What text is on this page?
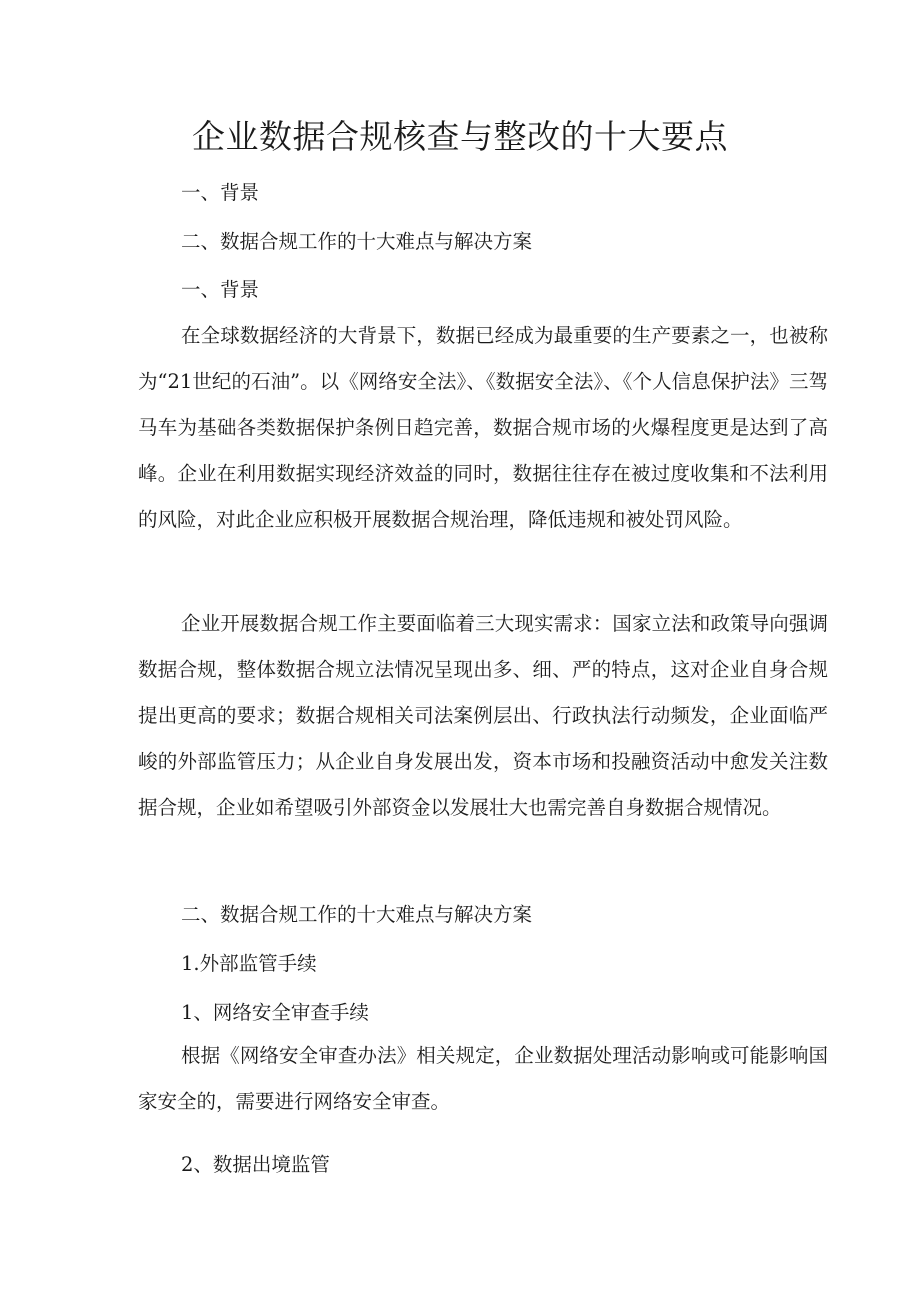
企业数据合规核查与整改的十大要点

一、背景

二、数据合规工作的十大难点与解决方案

一、背景

在全球数据经济的大背景下，数据已经成为最重要的生产要素之一，也被称为“21世纪的石油”。以《网络安全法》、《数据安全法》、《个人信息保护法》三驾马车为基础各类数据保护条例日趋完善，数据合规市场的火爆程度更是达到了高峰。企业在利用数据实现经济效益的同时，数据往往存在被过度收集和不法利用的风险，对此企业应积极开展数据合规治理，降低违规和被处罚风险。

企业开展数据合规工作主要面临着三大现实需求：国家立法和政策导向强调数据合规，整体数据合规立法情况呈现出多、细、严的特点，这对企业自身合规提出更高的要求；数据合规相关司法案例层出、行政执法行动频发，企业面临严峻的外部监管压力；从企业自身发展出发，资本市场和投融资活动中愈发关注数据合规，企业如希望吸引外部资金以发展壮大也需完善自身数据合规情况。

二、数据合规工作的十大难点与解决方案

1.外部监管手续

1、网络安全审查手续

根据《网络安全审查办法》相关规定，企业数据处理活动影响或可能影响国家安全的，需要进行网络安全审查。

2、数据出境监管
